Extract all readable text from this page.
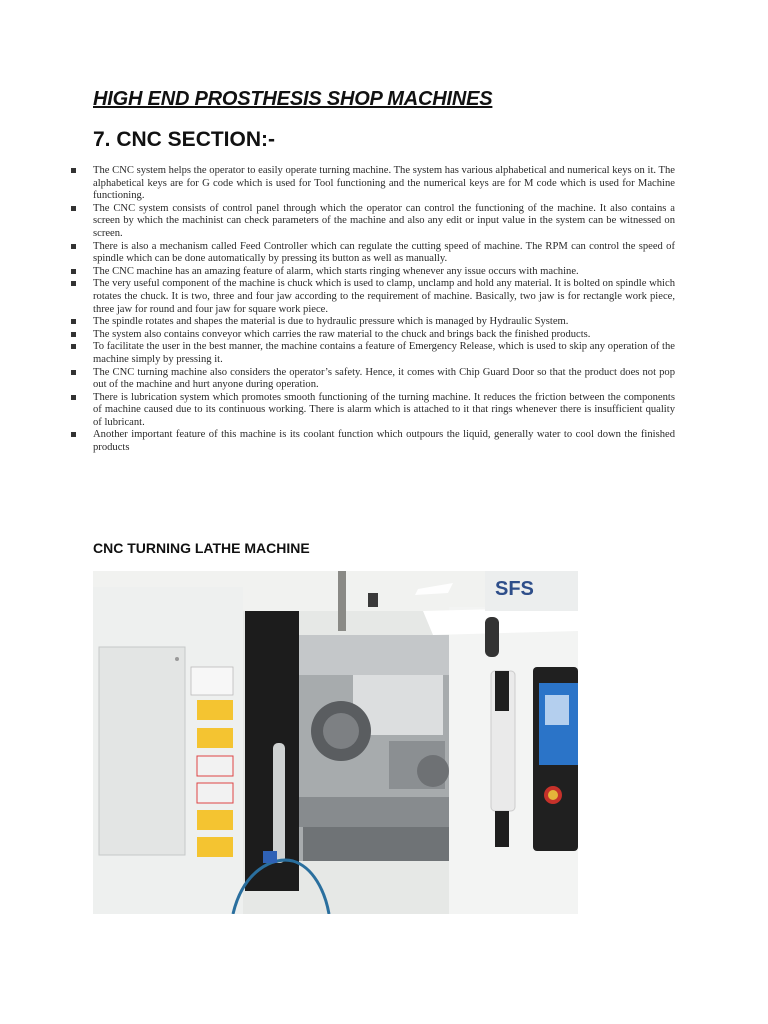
HIGH END PROSTHESIS SHOP MACHINES
7. CNC SECTION:-
The CNC system helps the operator to easily operate turning machine. The system has various alphabetical and numerical keys on it. The alphabetical keys are for G code which is used for Tool functioning and the numerical keys are for M code which is used for Machine functioning.
The CNC system consists of control panel through which the operator can control the functioning of the machine. It also contains a screen by which the machinist can check parameters of the machine and also any edit or input value in the system can be witnessed on screen.
There is also a mechanism called Feed Controller which can regulate the cutting speed of machine. The RPM can control the speed of spindle which can be done automatically by pressing its button as well as manually.
The CNC machine has an amazing feature of alarm, which starts ringing whenever any issue occurs with machine.
The very useful component of the machine is chuck which is used to clamp, unclamp and hold any material. It is bolted on spindle which rotates the chuck. It is two, three and four jaw according to the requirement of machine. Basically, two jaw is for rectangle work piece, three jaw for round and four jaw for square work piece.
The spindle rotates and shapes the material is due to hydraulic pressure which is managed by Hydraulic System.
The system also contains conveyor which carries the raw material to the chuck and brings back the finished products.
To facilitate the user in the best manner, the machine contains a feature of Emergency Release, which is used to skip any operation of the machine simply by pressing it.
The CNC turning machine also considers the operator’s safety. Hence, it comes with Chip Guard Door so that the product does not pop out of the machine and hurt anyone during operation.
There is lubrication system which promotes smooth functioning of the turning machine. It reduces the friction between the components of machine caused due to its continuous working. There is alarm which is attached to it that rings whenever there is insufficient quality of lubricant.
Another important feature of this machine is its coolant function which outpours the liquid, generally water to cool down the finished products
CNC TURNING LATHE MACHINE
SFS
